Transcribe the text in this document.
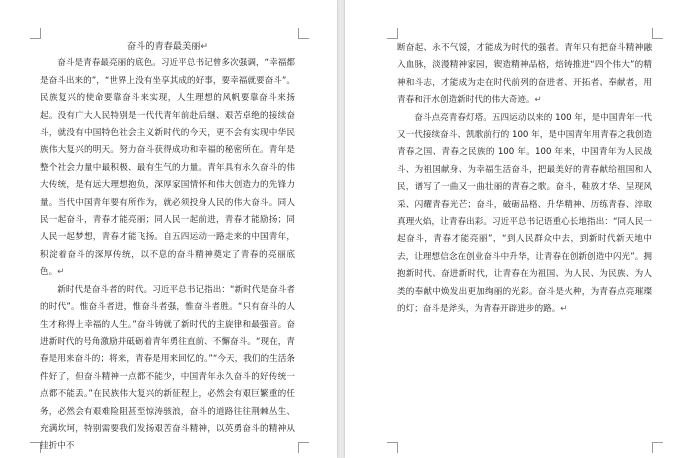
奋斗的青春最美丽↵

奋斗是青春最亮丽的底色。习近平总书记曾多次强调，“幸福都是奋斗出来的”，“世界上没有坐享其成的好事，要幸福就要奋斗”。民族复兴的使命要靠奋斗来实现，人生理想的风帆要靠奋斗来扬起。没有广大人民特别是一代代青年前赴后继、艰苦卓绝的接续奋斗，就没有中国特色社会主义新时代的今天，更不会有实现中华民族伟大复兴的明天。努力奋斗获得成功和幸福的秘密所在。青年是整个社会力量中最积极、最有生气的力量。青年具有永久奋斗的伟大传统，是有远大理想抱负，深厚家国情怀和伟大创造力的先锋力量。当代中国青年要有所作为，就必须投身人民的伟大奋斗。同人民一起奋斗，青春才能亮丽；同人民一起前进，青春才能励扬；同人民一起梦想，青春才能飞扬。自五四运动一路走来的中国青年，积淀着奋斗的深厚传统，以不息的奋斗精神奠定了青春的亮丽底色。↵

新时代是奋斗者的时代。习近平总书记指出：“新时代是奋斗者的时代”。惟奋斗者进，惟奋斗者强，惟奋斗者胜。“只有奋斗的人生才称得上幸福的人生。”奋斗铸就了新时代的主旋律和最强音。奋进新时代的号角激励并砥砺着青年勇往直前、不懈奋斗。“现在，青春是用来奋斗的；将来，青春是用来回忆的。”“今天，我们的生活条件好了，但奋斗精神一点都不能少，中国青年永久奋斗的好传统一点都不能丢。”在民族伟大复兴的新征程上，必然会有艰巨繁重的任务，必然会有艰难险阻甚至惊涛骇浪，奋斗的道路往往荆棘丛生、充满坎坷，特别需要我们发扬艰苦奋斗精神，以英勇奋斗的精神从挂折中不

断奋起、永不气馁，才能成为时代的强者。青年只有把奋斗精神融入血脉，淡漫精神家园，锲造精神品格，焙铸推进“四个伟大”的精神和斗志，才能成为走在时代前列的奋进者、开拓者、奉献者，用青春和汗水创造新时代的伟大奇迹。↵

奋斗点亮青春灯塔。五四运动以来的 100 年，是中国青年一代又一代接续奋斗、凯歌前行的 100 年，是中国青年用青春之我创造青春之国、青春之民族的 100 年。100 年来，中国青年为人民战斗、为祖国献身、为幸福生活奋斗，把最美好的青春献给祖国和人民，谱写了一曲又一曲壮丽的青春之歌。奋斗，鞋放才华、呈现风采、闪耀青春光芒；奋斗，破砺品格、升华精神、历练青春、淬取真理火焰，让青春出彩。习近平总书记语重心长地指出：“同人民一起奋斗，青春才能亮丽”，“到人民群众中去，到新时代新天地中去，让理想信念在创业奋斗中升华，让青春在创新创造中闪光”。拥抱新时代、奋进新时代，让青春在为祖国、为人民、为民族、为人类的奉献中焕发出更加绚丽的光彩。奋斗是火种，为青春点亮璀璨的灯；奋斗是斧头，为青春开辟进步的路。↵
